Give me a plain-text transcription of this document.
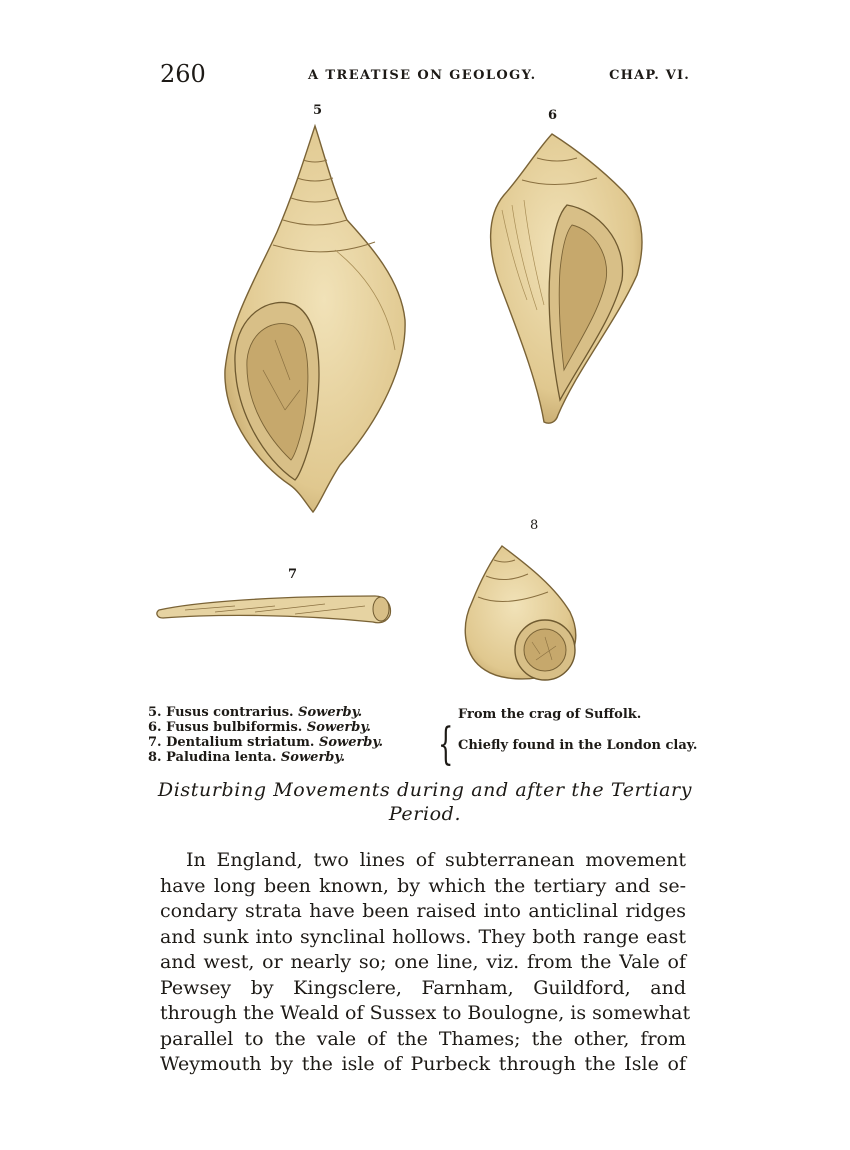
260	A TREATISE ON GEOLOGY.	CHAP. VI.
5	6
7
8
5. Fusus contrarius. Sowerby.
6. Fusus bulbiformis. Sowerby.
7. Dentalium striatum. Sowerby.
8. Paludina lenta. Sowerby.
From the crag of Suffolk.
{ Chiefly found in the London clay.
Disturbing Movements during and after the Tertiary
Period.
In England, two lines of subterranean movement
have long been known, by which the tertiary and se-
condary strata have been raised into anticlinal ridges
and sunk into synclinal hollows. They both range east
and west, or nearly so; one line, viz. from the Vale of
Pewsey by Kingsclere, Farnham, Guildford, and
through the Weald of Sussex to Boulogne, is somewhat
parallel to the vale of the Thames; the other, from
Weymouth by the isle of Purbeck through the Isle of
